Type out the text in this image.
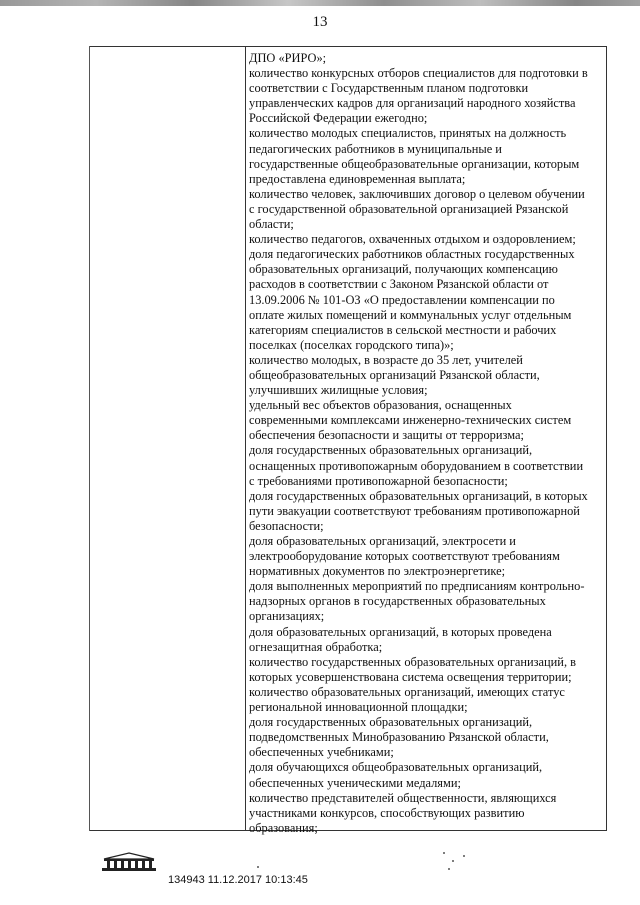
13
ДПО «РИРО»;
количество конкурсных отборов специалистов для подготовки в
соответствии с Государственным планом подготовки
управленческих кадров для организаций народного хозяйства
Российской Федерации ежегодно;
количество молодых специалистов, принятых на должность
педагогических работников в муниципальные и
государственные общеобразовательные организации, которым
предоставлена единовременная выплата;
количество человек, заключивших договор о целевом обучении
с государственной образовательной организацией Рязанской
области;
количество педагогов, охваченных отдыхом и оздоровлением;
доля педагогических работников областных государственных
образовательных организаций, получающих компенсацию
расходов в соответствии с Законом Рязанской области от
13.09.2006 № 101-ОЗ «О предоставлении компенсации по
оплате жилых помещений и коммунальных услуг отдельным
категориям специалистов в сельской местности и рабочих
поселках (поселках городского типа)»;
количество молодых, в возрасте до 35 лет, учителей
общеобразовательных организаций Рязанской области,
улучшивших жилищные условия;
удельный вес объектов образования, оснащенных
современными комплексами инженерно-технических систем
обеспечения безопасности и защиты от терроризма;
доля государственных образовательных организаций,
оснащенных противопожарным оборудованием в соответствии
с требованиями противопожарной безопасности;
доля государственных образовательных организаций, в которых
пути эвакуации соответствуют требованиям противопожарной
безопасности;
доля образовательных организаций, электросети и
электрооборудование которых соответствуют требованиям
нормативных документов по электроэнергетике;
доля выполненных мероприятий по предписаниям контрольно-
надзорных органов в государственных образовательных
организациях;
доля образовательных организаций, в которых проведена
огнезащитная обработка;
количество государственных образовательных организаций, в
которых усовершенствована система освещения территории;
количество образовательных организаций, имеющих статус
региональной инновационной площадки;
доля государственных образовательных организаций,
подведомственных Минобразованию Рязанской области,
обеспеченных учебниками;
доля обучающихся общеобразовательных организаций,
обеспеченных ученическими медалями;
количество представителей общественности, являющихся
участниками конкурсов, способствующих развитию
образования;
134943 11.12.2017 10:13:45
